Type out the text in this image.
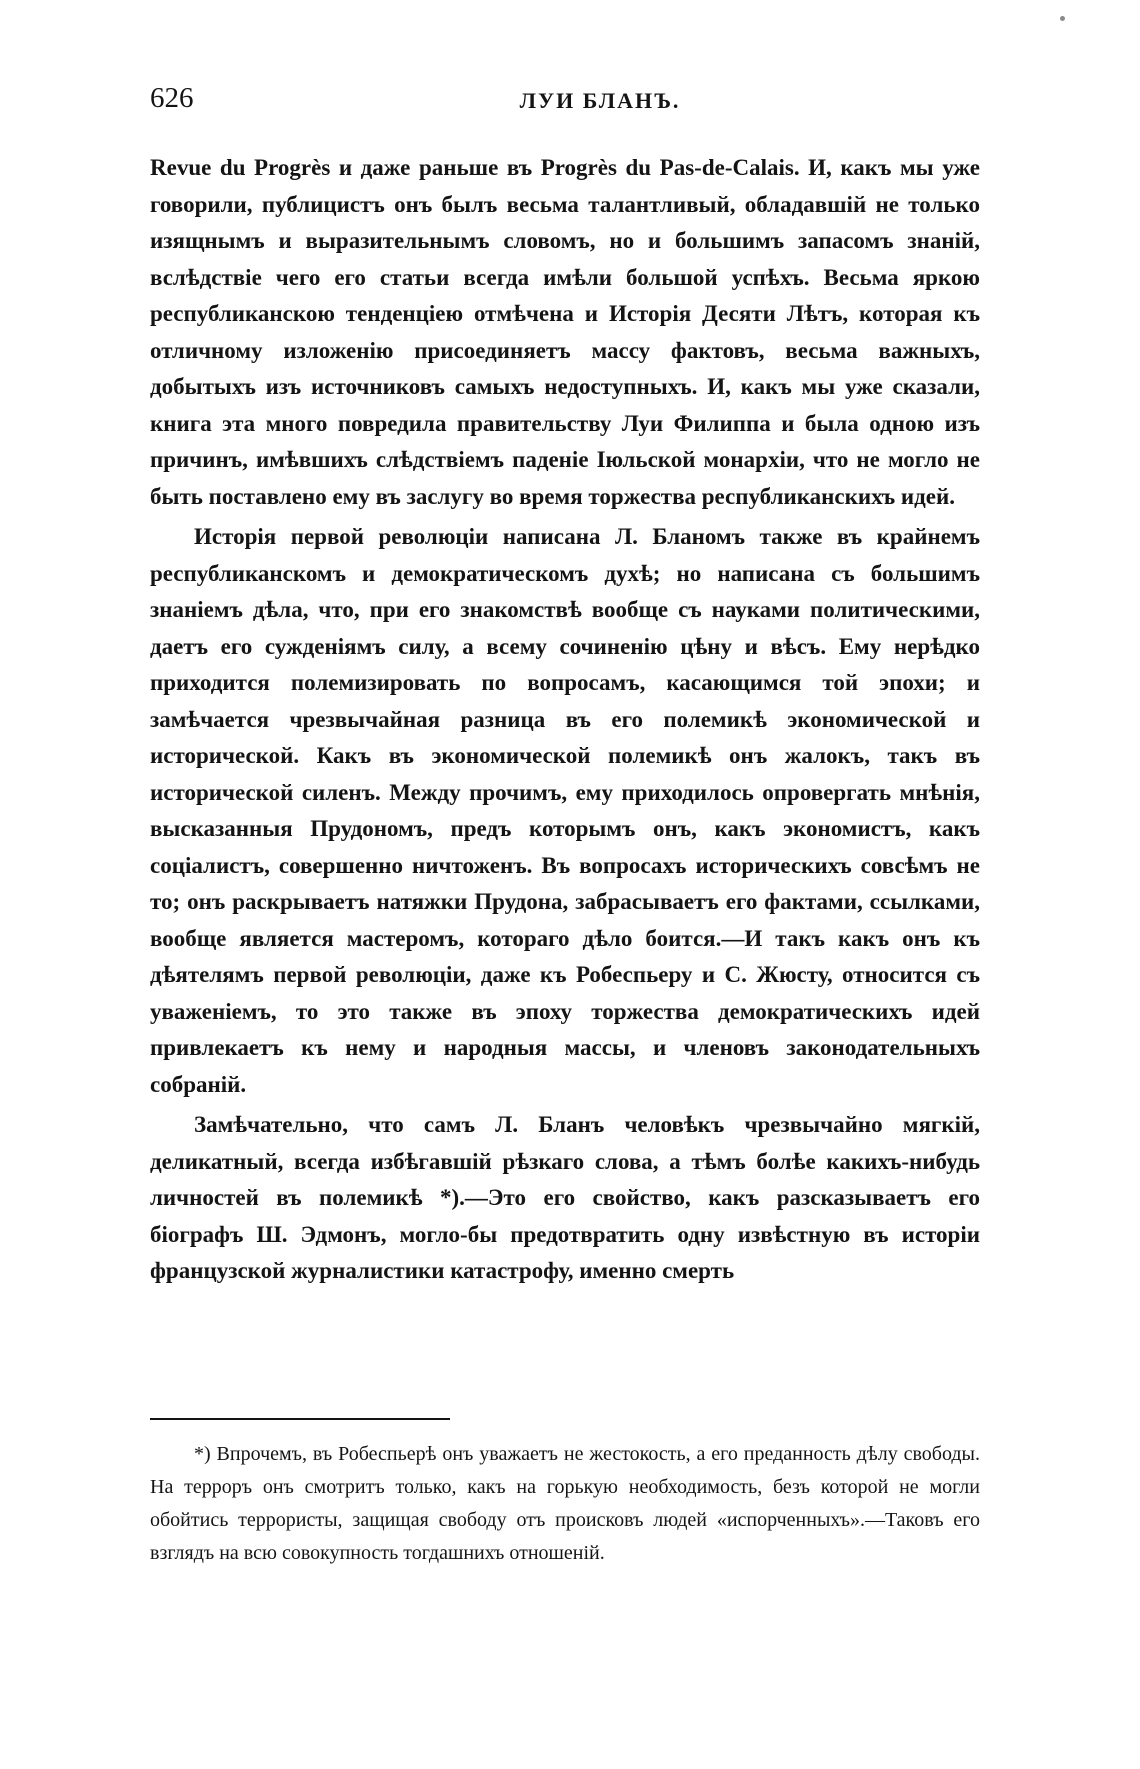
626	ЛУИ БЛАНЪ.

Revue du Progrès и даже раньше въ Progrès du Pas-de-Calais. И, какъ мы уже говорили, публицистъ онъ былъ весьма талантливый, обладавшій не только изящнымъ и выразительнымъ словомъ, но и большимъ запасомъ знаній, вслѣдствіе чего его статьи всегда имѣли большой успѣхъ. Весьма яркою республиканскою тенденціею отмѣчена и Исторія Десяти Лѣтъ, которая къ отличному изложенію присоединяетъ массу фактовъ, весьма важныхъ, добытыхъ изъ источниковъ самыхъ недоступныхъ. И, какъ мы уже сказали, книга эта много повредила правительству Луи Филиппа и была одною изъ причинъ, имѣвшихъ слѣдствіемъ паденіе Іюльской монархіи, что не могло не быть поставлено ему въ заслугу во время торжества республиканскихъ идей.

Исторія первой революціи написана Л. Бланомъ также въ крайнемъ республиканскомъ и демократическомъ духѣ; но написана съ большимъ знаніемъ дѣла, что, при его знакомствѣ вообще съ науками политическими, даетъ его сужденіямъ силу, а всему сочиненію цѣну и вѣсъ. Ему нерѣдко приходится полемизировать по вопросамъ, касающимся той эпохи; и замѣчается чрезвычайная разница въ его полемикѣ экономической и исторической. Какъ въ экономической полемикѣ онъ жалокъ, такъ въ исторической силенъ. Между прочимъ, ему приходилось опровергать мнѣнія, высказанныя Прудономъ, предъ которымъ онъ, какъ экономистъ, какъ соціалистъ, совершенно ничтоженъ. Въ вопросахъ историческихъ совсѣмъ не то; онъ раскрываетъ натяжки Прудона, забрасываетъ его фактами, ссылками, вообще является мастеромъ, котораго дѣло боится.—И такъ какъ онъ къ дѣятелямъ первой революціи, даже къ Робеспьеру и С. Жюсту, относится съ уваженіемъ, то это также въ эпоху торжества демократическихъ идей привлекаетъ къ нему и народныя массы, и членовъ законодательныхъ собраній.

Замѣчательно, что самъ Л. Бланъ человѣкъ чрезвычайно мягкій, деликатный, всегда избѣгавшій рѣзкаго слова, а тѣмъ болѣе какихъ-нибудь личностей въ полемикѣ *).—Это его свойство, какъ разсказываетъ его біографъ Ш. Эдмонъ, могло-бы предотвратить одну извѣстную въ исторіи французской журналистики катастрофу, именно смерть

*) Впрочемъ, въ Робеспьерѣ онъ уважаетъ не жестокость, а его преданность дѣлу свободы. На терроръ онъ смотритъ только, какъ на горькую необходимость, безъ которой не могли обойтись террористы, защищая свободу отъ происковъ людей «испорченныхъ».—Таковъ его взглядъ на всю совокупность тогдашнихъ отношеній.
